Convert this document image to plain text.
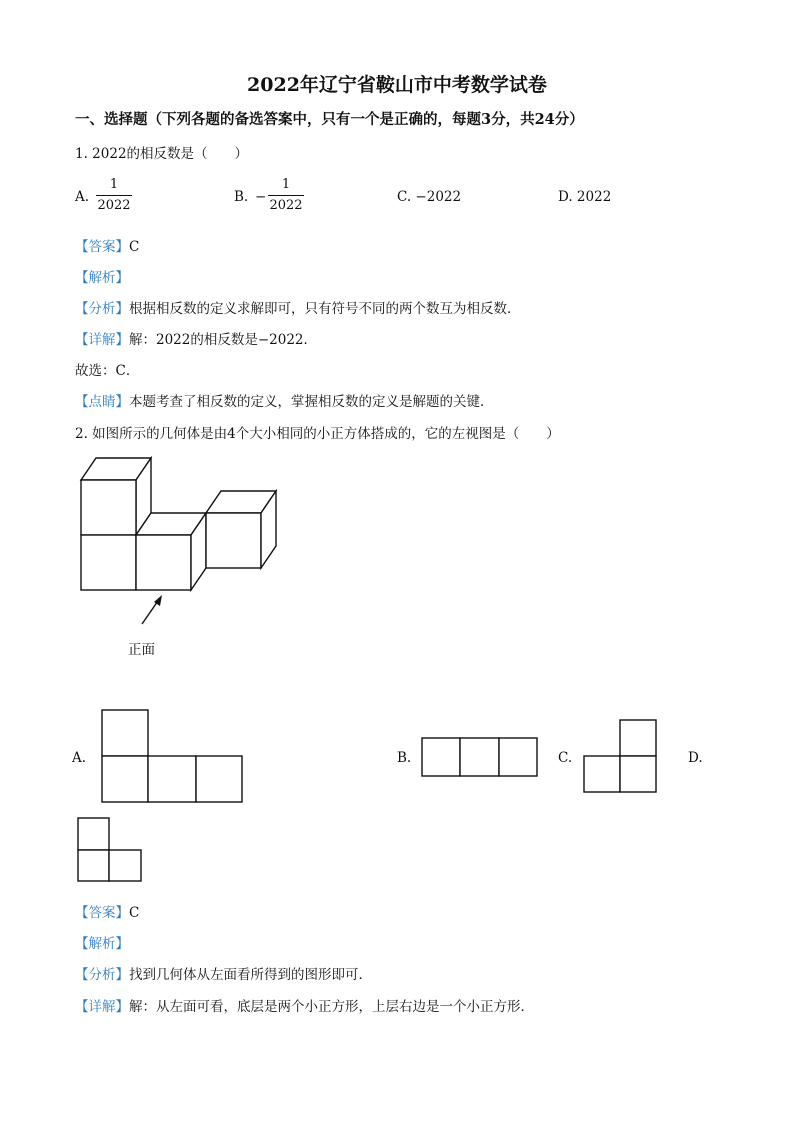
2022年辽宁省鞍山市中考数学试卷
一、选择题（下列各题的备选答案中，只有一个是正确的，每题3分，共24分）
1. 2022的相反数是（　　）
A.
1
2022
B. −
1
2022
C. −2022	D. 2022
【答案】C
【解析】
【分析】根据相反数的定义求解即可，只有符号不同的两个数互为相反数．
【详解】解：2022的相反数是−2022．
故选：C．
【点睛】本题考查了相反数的定义，掌握相反数的定义是解题的关键．
2. 如图所示的几何体是由4个大小相同的小正方体搭成的，它的左视图是（　　）
正面
A.	B.	C.	D.
【答案】C
【解析】
【分析】找到几何体从左面看所得到的图形即可．
【详解】解：从左面可看，底层是两个小正方形，上层右边是一个小正方形．
